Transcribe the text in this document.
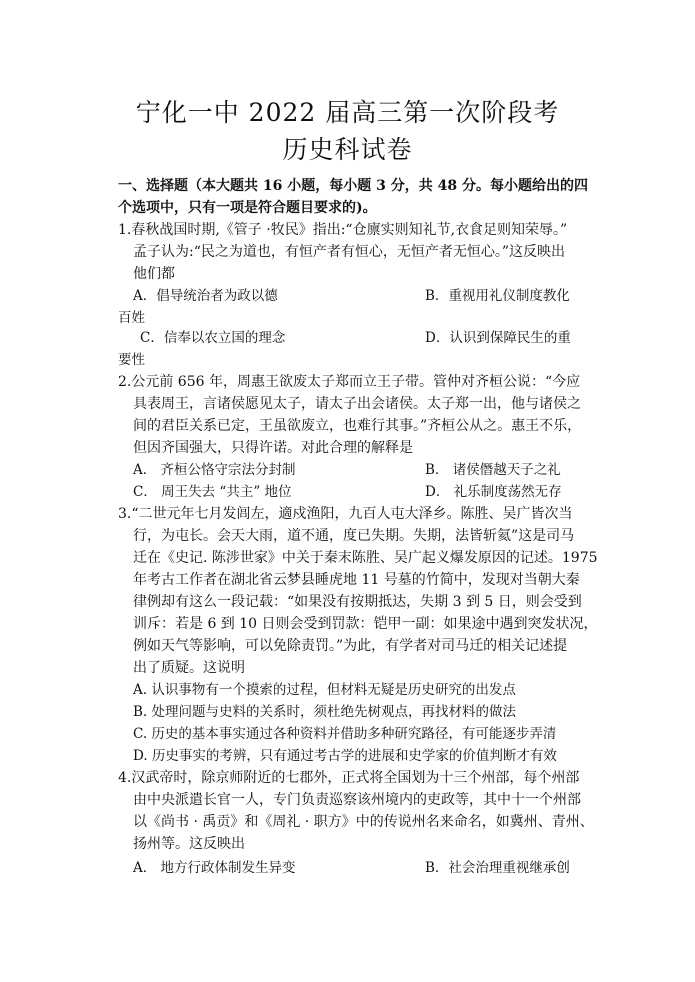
宁化一中 2022 届高三第一次阶段考
历史科试卷
一、选择题（本大题共 16 小题，每小题 3 分，共 48 分。每小题给出的四
个选项中，只有一项是符合题目要求的)。
1.春秋战国时期,《管子 ·牧民》指出:“仓廪实则知礼节,衣食足则知荣辱。”
孟子认为:“民之为道也，有恒产者有恒心，无恒产者无恒心。”这反映出
他们都
A．倡导统治者为政以德	B．重视用礼仪制度教化
百姓
C．信奉以农立国的理念	D．认识到保障民生的重
要性
2.公元前 656 年，周惠王欲废太子郑而立王子带。管仲对齐桓公说：“今应
具表周王，言诸侯愿见太子，请太子出会诸侯。太子郑一出，他与诸侯之
间的君臣关系已定，王虽欲废立，也难行其事。”齐桓公从之。惠王不乐，
但因齐国强大，只得许诺。对此合理的解释是
A． 齐桓公恪守宗法分封制	B． 诸侯僭越天子之礼
C． 周王失去 “共主” 地位	D． 礼乐制度荡然无存
3.“二世元年七月发闾左，適戍渔阳，九百人屯大泽乡。陈胜、吴广皆次当
行，为屯长。会天大雨，道不通，度已失期。失期，法皆斩氦”这是司马
迁在《史记. 陈涉世家》中关于秦末陈胜、吴广起义爆发原因的记述。1975
年考古工作者在湖北省云梦县睡虎地 11 号墓的竹简中，发现对当朝大秦
律例却有这么一段记载：“如果没有按期抵达，失期 3 到 5 日，则会受到
训斥：若是 6 到 10 日则会受到罚款：铠甲一副：如果途中遇到突发状况，
例如天气等影响，可以免除责罚。”为此，有学者对司马迁的相关记述提
出了质疑。这说明
A. 认识事物有一个摸索的过程，但材料无疑是历史研究的出发点
B. 处理问题与史料的关系时，须杜绝先树观点，再找材料的做法
C. 历史的基本事实通过各种资料并借助多种研究路径，有可能逐步弄清
D. 历史事实的考辨，只有通过考古学的进展和史学家的价值判断才有效
4.汉武帝时，除京师附近的七郡外，正式将全国划为十三个州部，每个州部
由中央派遣长官一人，专门负责巡察该州境内的吏政等，其中十一个州部
以《尚书 · 禹贡》和《周礼 · 职方》中的传说州名来命名，如冀州、青州、
扬州等。这反映出
A． 地方行政体制发生异变	B．社会治理重视继承创
